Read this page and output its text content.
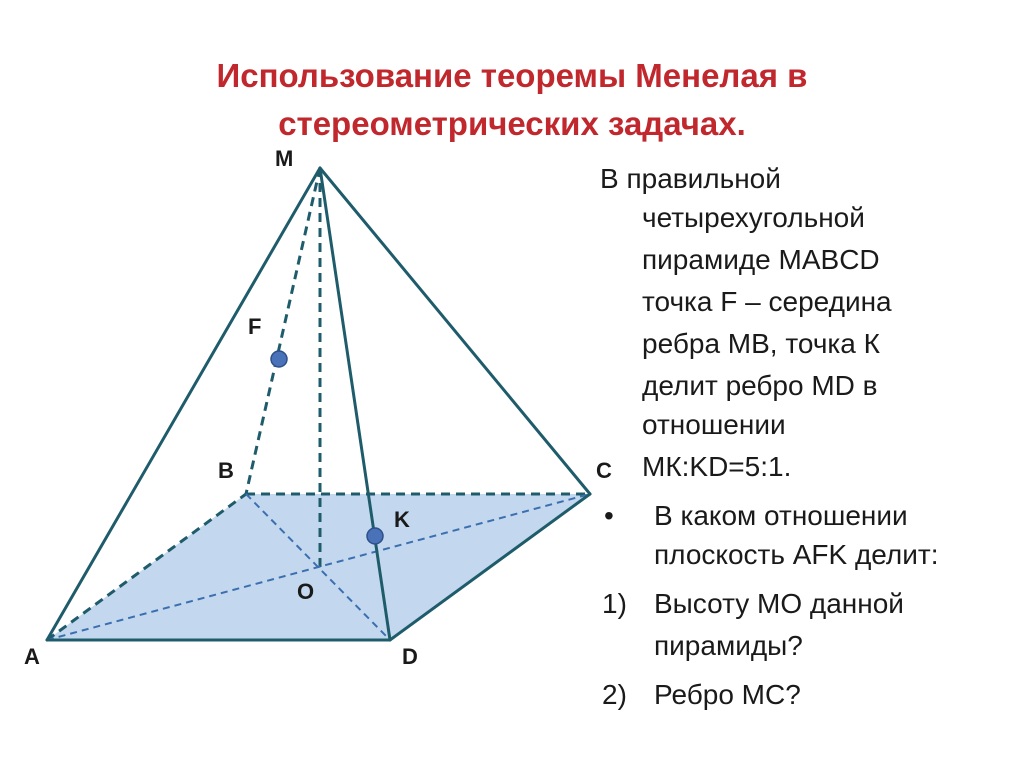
Использование теоремы Менелая в
стереометрических задачах.
M
F
B	C
K
O
A	D
В правильной
четырехугольной
пирамиде MABCD
точка F – середина
ребра MB, точка К
делит ребро MD в
отношении
МК:KD=5:1.
• В каком отношении
плоскость AFK делит:
1) Высоту МО данной
пирамиды?
2) Ребро МС?
